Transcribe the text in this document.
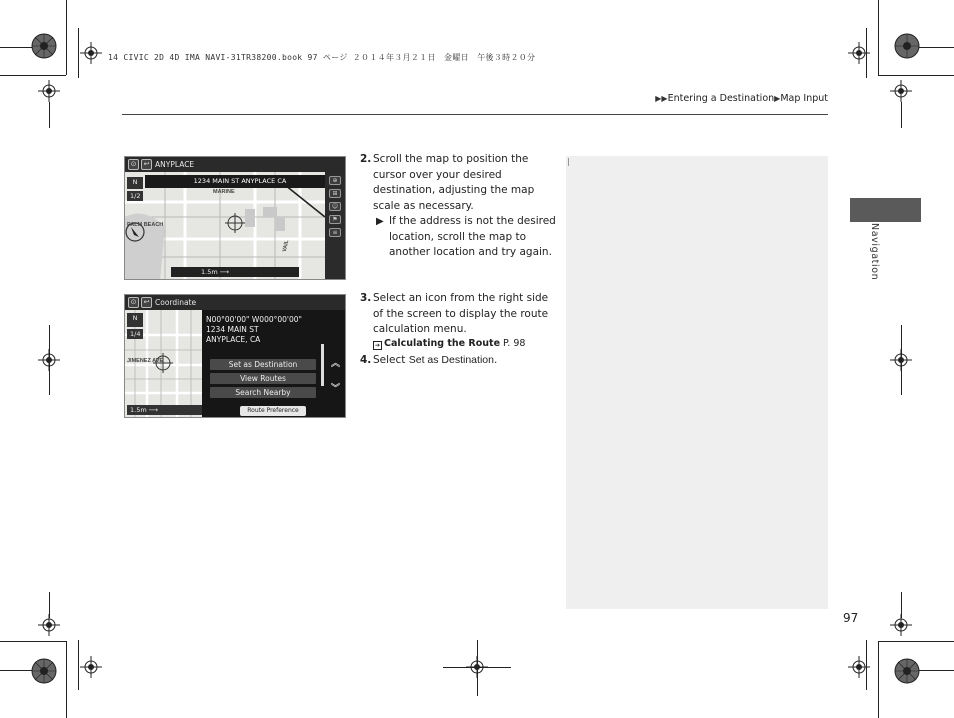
14 CIVIC 2D 4D IMA NAVI-31TR38200.book 97 ページ ２０１４年３月２１日　金曜日　午後３時２０分
▶▶Entering a Destination▶Map Input
Navigation
⊙	↩ ANYPLACE
1234 MAIN ST ANYPLACE CA
MARINE
PALM BEACH
VAIL
N
1/2
⊕
⊞
☺
⚑
≡
1.5m ⟶
⊙	↩ Coordinate
N
1/4
JIMENEZ AVE
1.5m ⟶
N00°00'00" W000°00'00"
1234 MAIN ST
ANYPLACE, CA
Set as Destination
View Routes
Search Nearby
︽
︾
Route Preference
2. Scroll the map to position the cursor over your desired destination, adjusting the map scale as necessary.
▶ If the address is not the desired location, scroll the map to another location and try again.
3. Select an icon from the right side of the screen to display the route calculation menu.
➔ Calculating the Route P. 98
4. Select Set as Destination.
97
